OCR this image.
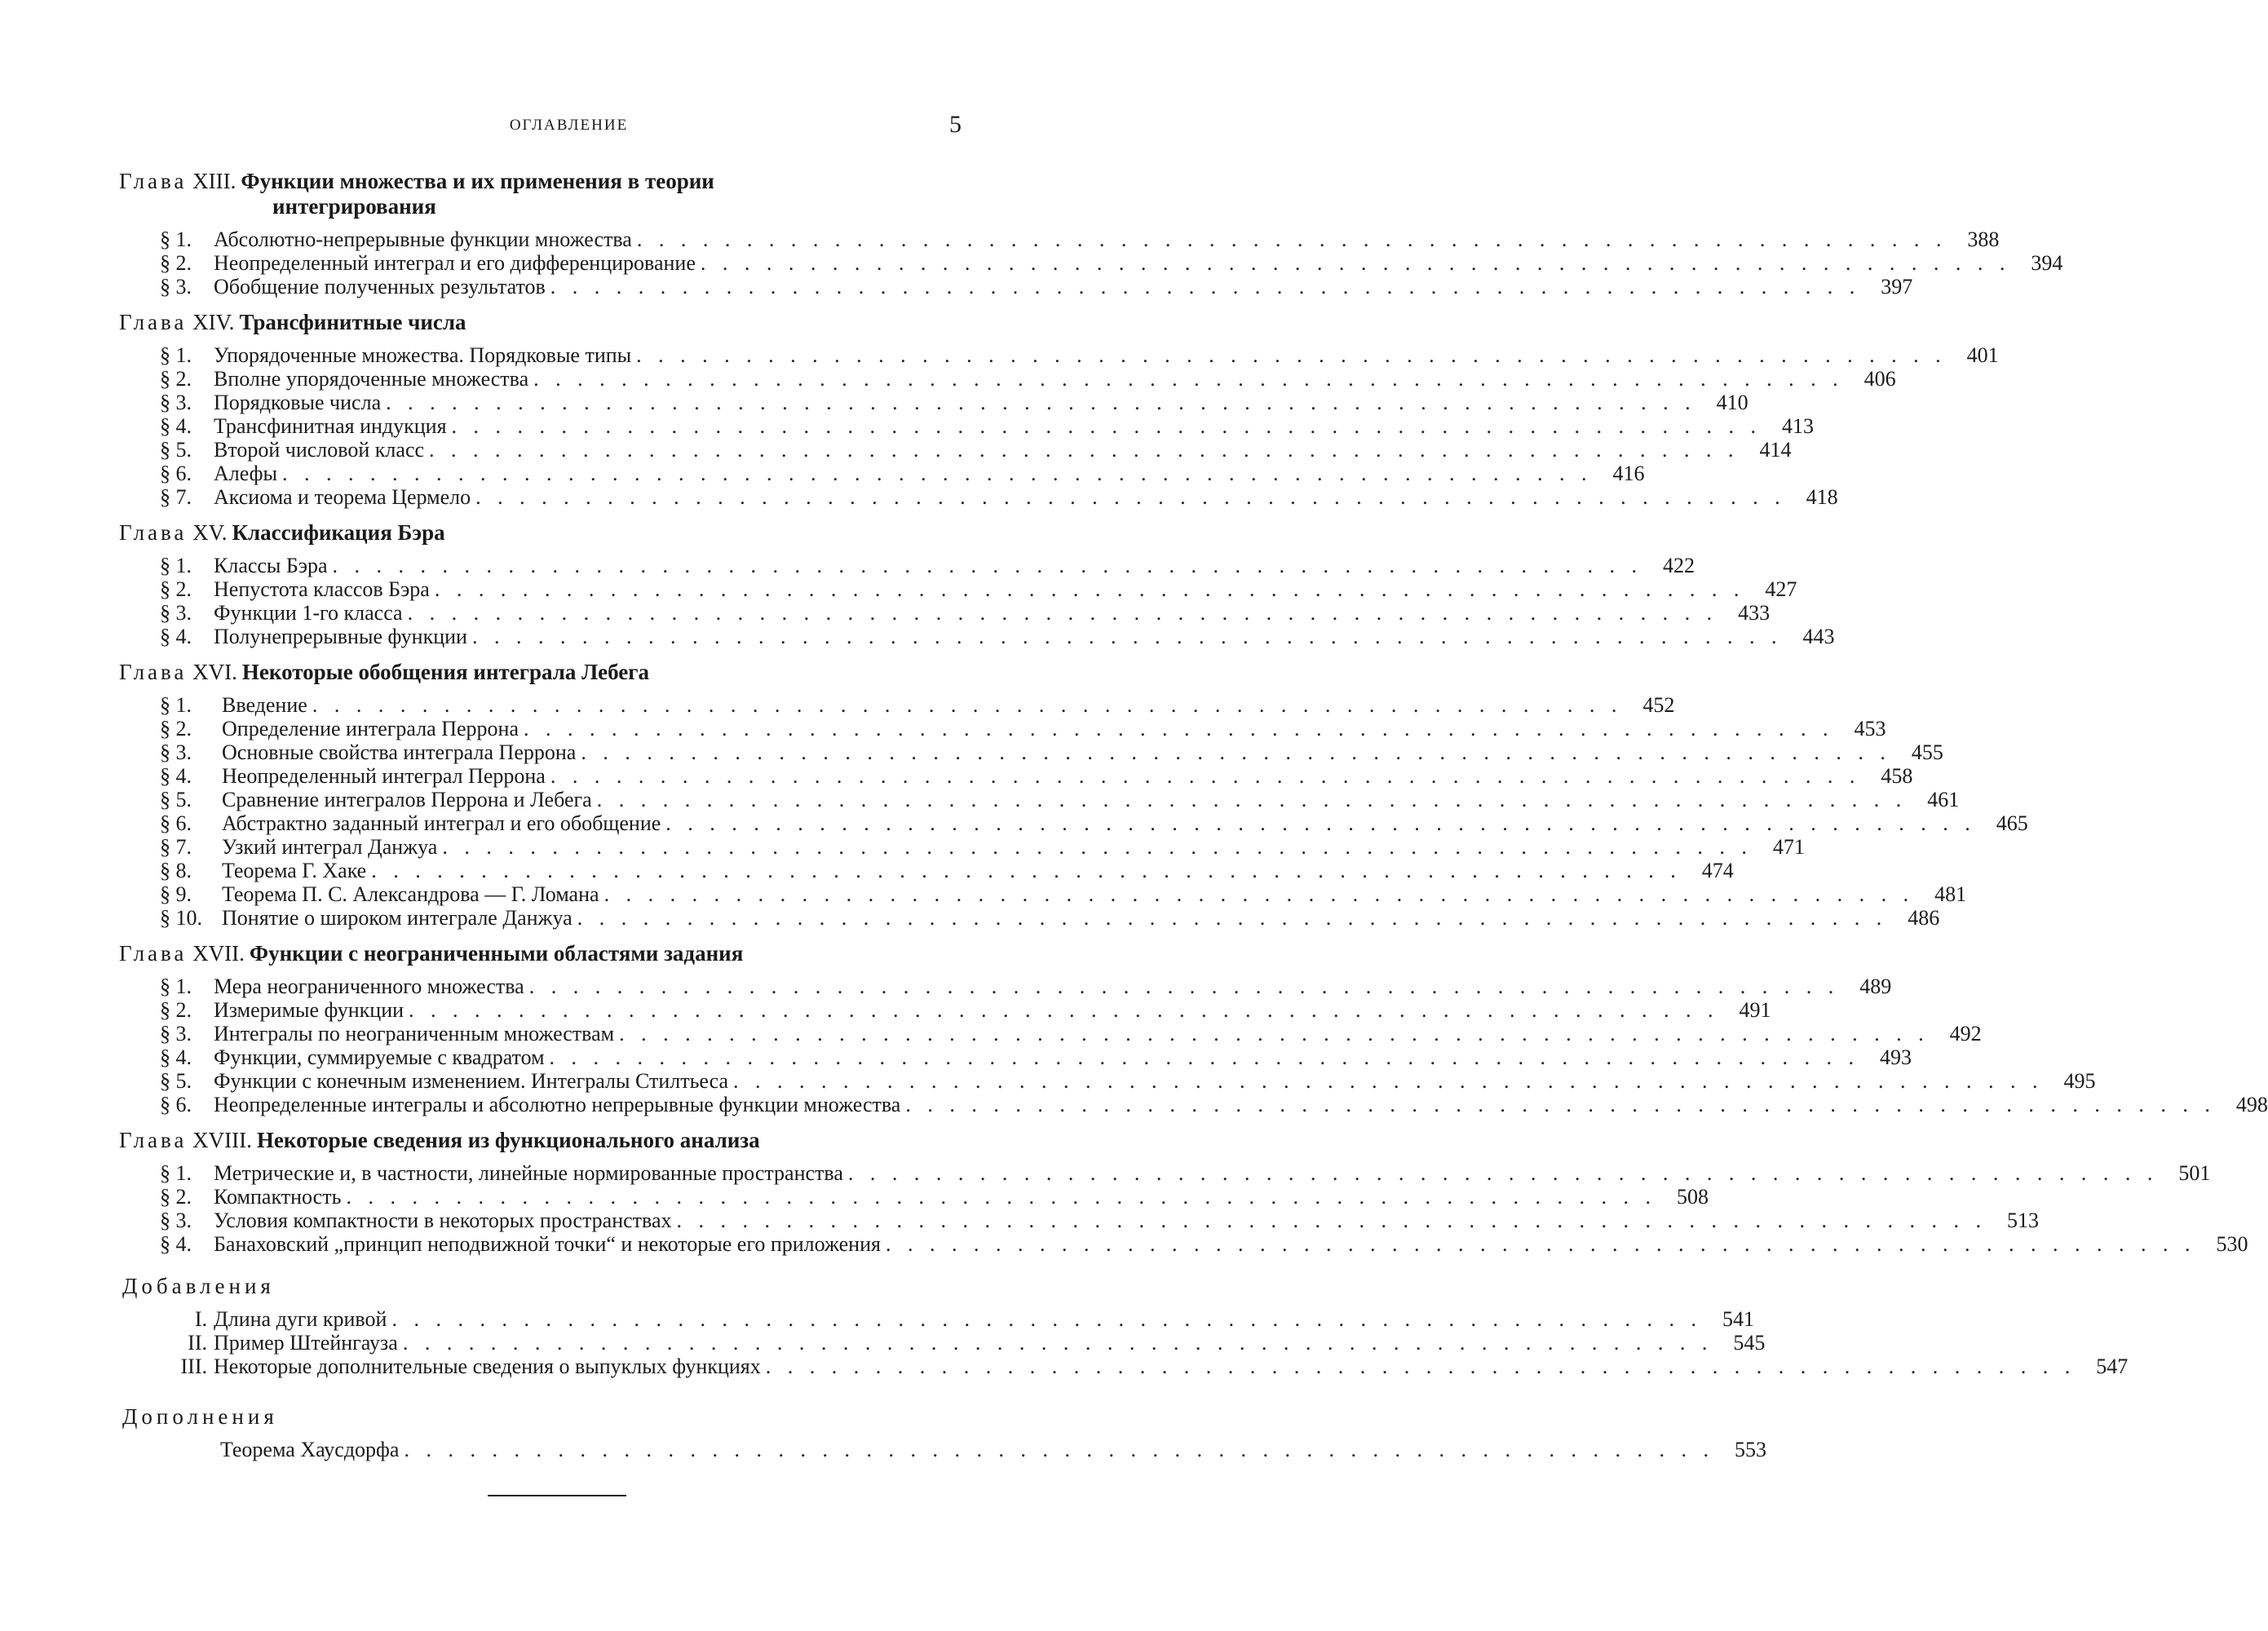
ОГЛАВЛЕНИЕ	5
Глава XIII. Функции множества и их применения в теории
интегрирования
§ 1.	Абсолютно-непрерывные функции множества . . . . . . . . . . . . . . . . . . . . . . . . . . . . . . . . . . . . . . . . . . . . . . . . . . . . . . . . . . . . 388
§ 2.	Неопределенный интеграл и его дифференцирование . . . . . . . . . . . . . . . . . . . . . . . . . . . . . . . . . . . . . . . . . . . . . . . . . . . . . . . . . . . . 394
§ 3.	Обобщение полученных результатов . . . . . . . . . . . . . . . . . . . . . . . . . . . . . . . . . . . . . . . . . . . . . . . . . . . . . . . . . . . . 397
Глава XIV. Трансфинитные числа
§ 1.	Упорядоченные множества. Порядковые типы . . . . . . . . . . . . . . . . . . . . . . . . . . . . . . . . . . . . . . . . . . . . . . . . . . . . . . . . . . . . 401
§ 2.	Вполне упорядоченные множества . . . . . . . . . . . . . . . . . . . . . . . . . . . . . . . . . . . . . . . . . . . . . . . . . . . . . . . . . . . . 406
§ 3.	Порядковые числа . . . . . . . . . . . . . . . . . . . . . . . . . . . . . . . . . . . . . . . . . . . . . . . . . . . . . . . . . . . . 410
§ 4.	Трансфинитная индукция . . . . . . . . . . . . . . . . . . . . . . . . . . . . . . . . . . . . . . . . . . . . . . . . . . . . . . . . . . . . 413
§ 5.	Второй числовой класс . . . . . . . . . . . . . . . . . . . . . . . . . . . . . . . . . . . . . . . . . . . . . . . . . . . . . . . . . . . . 414
§ 6.	Алефы . . . . . . . . . . . . . . . . . . . . . . . . . . . . . . . . . . . . . . . . . . . . . . . . . . . . . . . . . . . . 416
§ 7.	Аксиома и теорема Цермело . . . . . . . . . . . . . . . . . . . . . . . . . . . . . . . . . . . . . . . . . . . . . . . . . . . . . . . . . . . . 418
Глава XV. Классификация Бэра
§ 1.	Классы Бэра . . . . . . . . . . . . . . . . . . . . . . . . . . . . . . . . . . . . . . . . . . . . . . . . . . . . . . . . . . . . 422
§ 2.	Непустота классов Бэра . . . . . . . . . . . . . . . . . . . . . . . . . . . . . . . . . . . . . . . . . . . . . . . . . . . . . . . . . . . . 427
§ 3.	Функции 1-го класса . . . . . . . . . . . . . . . . . . . . . . . . . . . . . . . . . . . . . . . . . . . . . . . . . . . . . . . . . . . . 433
§ 4.	Полунепрерывные функции . . . . . . . . . . . . . . . . . . . . . . . . . . . . . . . . . . . . . . . . . . . . . . . . . . . . . . . . . . . . 443
Глава XVI. Некоторые обобщения интеграла Лебега
§ 1.	Введение . . . . . . . . . . . . . . . . . . . . . . . . . . . . . . . . . . . . . . . . . . . . . . . . . . . . . . . . . . . . 452
§ 2.	Определение интеграла Перрона . . . . . . . . . . . . . . . . . . . . . . . . . . . . . . . . . . . . . . . . . . . . . . . . . . . . . . . . . . . . 453
§ 3.	Основные свойства интеграла Перрона . . . . . . . . . . . . . . . . . . . . . . . . . . . . . . . . . . . . . . . . . . . . . . . . . . . . . . . . . . . . 455
§ 4.	Неопределенный интеграл Перрона . . . . . . . . . . . . . . . . . . . . . . . . . . . . . . . . . . . . . . . . . . . . . . . . . . . . . . . . . . . . 458
§ 5.	Сравнение интегралов Перрона и Лебега . . . . . . . . . . . . . . . . . . . . . . . . . . . . . . . . . . . . . . . . . . . . . . . . . . . . . . . . . . . . 461
§ 6.	Абстрактно заданный интеграл и его обобщение . . . . . . . . . . . . . . . . . . . . . . . . . . . . . . . . . . . . . . . . . . . . . . . . . . . . . . . . . . . . 465
§ 7.	Узкий интеграл Данжуа . . . . . . . . . . . . . . . . . . . . . . . . . . . . . . . . . . . . . . . . . . . . . . . . . . . . . . . . . . . . 471
§ 8.	Теорема Г. Хаке . . . . . . . . . . . . . . . . . . . . . . . . . . . . . . . . . . . . . . . . . . . . . . . . . . . . . . . . . . . . 474
§ 9.	Теорема П. С. Александрова — Г. Ломана . . . . . . . . . . . . . . . . . . . . . . . . . . . . . . . . . . . . . . . . . . . . . . . . . . . . . . . . . . . . 481
§ 10. Понятие о широком интеграле Данжуа . . . . . . . . . . . . . . . . . . . . . . . . . . . . . . . . . . . . . . . . . . . . . . . . . . . . . . . . . . . . 486
Глава XVII. Функции с неограниченными областями задания
§ 1.	Мера неограниченного множества . . . . . . . . . . . . . . . . . . . . . . . . . . . . . . . . . . . . . . . . . . . . . . . . . . . . . . . . . . . . 489
§ 2.	Измеримые функции . . . . . . . . . . . . . . . . . . . . . . . . . . . . . . . . . . . . . . . . . . . . . . . . . . . . . . . . . . . . 491
§ 3.	Интегралы по неограниченным множествам . . . . . . . . . . . . . . . . . . . . . . . . . . . . . . . . . . . . . . . . . . . . . . . . . . . . . . . . . . . . 492
§ 4.	Функции, суммируемые с квадратом . . . . . . . . . . . . . . . . . . . . . . . . . . . . . . . . . . . . . . . . . . . . . . . . . . . . . . . . . . . . 493
§ 5.	Функции с конечным изменением. Интегралы Стилтьеса . . . . . . . . . . . . . . . . . . . . . . . . . . . . . . . . . . . . . . . . . . . . . . . . . . . . . . . . . . . . 495
§ 6.	Неопределенные интегралы и абсолютно непрерывные функции множества . . . . . . . . . . . . . . . . . . . . . . . . . . . . . . . . . . . . . . . . . . . . . . . . . . . . . . . . . . . . 498
Глава XVIII. Некоторые сведения из функционального анализа
§ 1.	Метрические и, в частности, линейные нормированные пространства . . . . . . . . . . . . . . . . . . . . . . . . . . . . . . . . . . . . . . . . . . . . . . . . . . . . . . . . . . . . 501
§ 2.	Компактность . . . . . . . . . . . . . . . . . . . . . . . . . . . . . . . . . . . . . . . . . . . . . . . . . . . . . . . . . . . . 508
§ 3.	Условия компактности в некоторых пространствах . . . . . . . . . . . . . . . . . . . . . . . . . . . . . . . . . . . . . . . . . . . . . . . . . . . . . . . . . . . . 513
§ 4.	Банаховский „принцип неподвижной точки“ и некоторые его приложения . . . . . . . . . . . . . . . . . . . . . . . . . . . . . . . . . . . . . . . . . . . . . . . . . . . . . . . . . . . . 530
Добавления
I. Длина дуги кривой . . . . . . . . . . . . . . . . . . . . . . . . . . . . . . . . . . . . . . . . . . . . . . . . . . . . . . . . . . . . 541
II. Пример Штейнгауза . . . . . . . . . . . . . . . . . . . . . . . . . . . . . . . . . . . . . . . . . . . . . . . . . . . . . . . . . . . . 545
III. Некоторые дополнительные сведения о выпуклых функциях . . . . . . . . . . . . . . . . . . . . . . . . . . . . . . . . . . . . . . . . . . . . . . . . . . . . . . . . . . . . 547
Дополнения
Теорема Хаусдорфа . . . . . . . . . . . . . . . . . . . . . . . . . . . . . . . . . . . . . . . . . . . . . . . . . . . . . . . . . . . . 553
